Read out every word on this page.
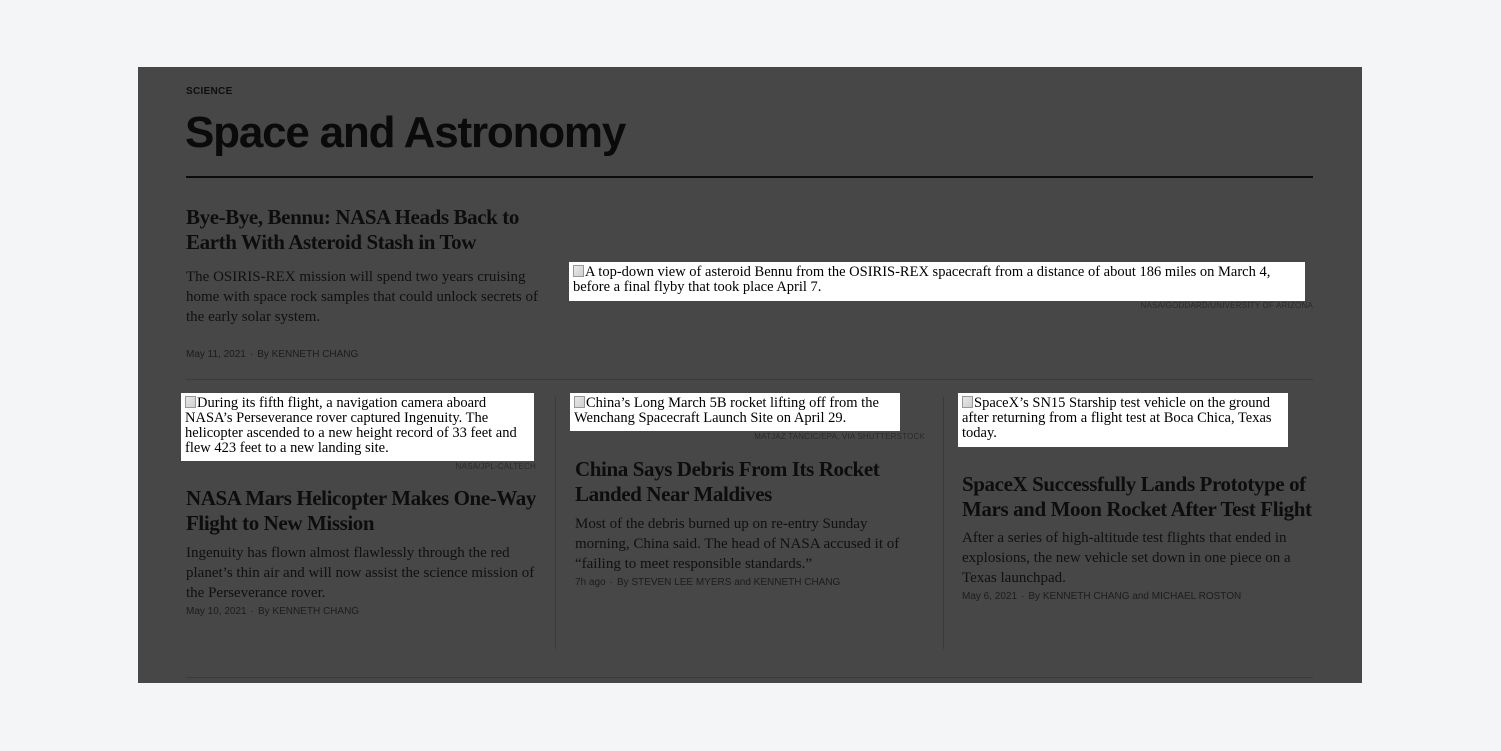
SCIENCE
Space and Astronomy
Bye-Bye, Bennu: NASA Heads Back to Earth With Asteroid Stash in Tow

The OSIRIS-REX mission will spend two years cruising home with space rock samples that could unlock secrets of the early solar system.

May 11, 2021 · By KENNETH CHANG
A top-down view of asteroid Bennu from the OSIRIS-REX spacecraft from a distance of about 186 miles on March 4, before a final flyby that took place April 7.
NASA/GODDARD/UNIVERSITY OF ARIZONA
During its fifth flight, a navigation camera aboard NASA’s Perseverance rover captured Ingenuity. The helicopter ascended to a new height record of 33 feet and flew 423 feet to a new landing site.
NASA/JPL-CALTECH
NASA Mars Helicopter Makes One-Way Flight to New Mission

Ingenuity has flown almost flawlessly through the red planet’s thin air and will now assist the science mission of the Perseverance rover.

May 10, 2021 · By KENNETH CHANG
China’s Long March 5B rocket lifting off from the Wenchang Spacecraft Launch Site on April 29.
MATJAZ TANCIC/EPA, VIA SHUTTERSTOCK
China Says Debris From Its Rocket Landed Near Maldives

Most of the debris burned up on re-entry Sunday morning, China said. The head of NASA accused it of “failing to meet responsible standards.”

7h ago · By STEVEN LEE MYERS and KENNETH CHANG
SpaceX’s SN15 Starship test vehicle on the ground after returning from a flight test at Boca Chica, Texas today.
SpaceX Successfully Lands Prototype of Mars and Moon Rocket After Test Flight

After a series of high-altitude test flights that ended in explosions, the new vehicle set down in one piece on a Texas launchpad.

May 6, 2021 · By KENNETH CHANG and MICHAEL ROSTON
